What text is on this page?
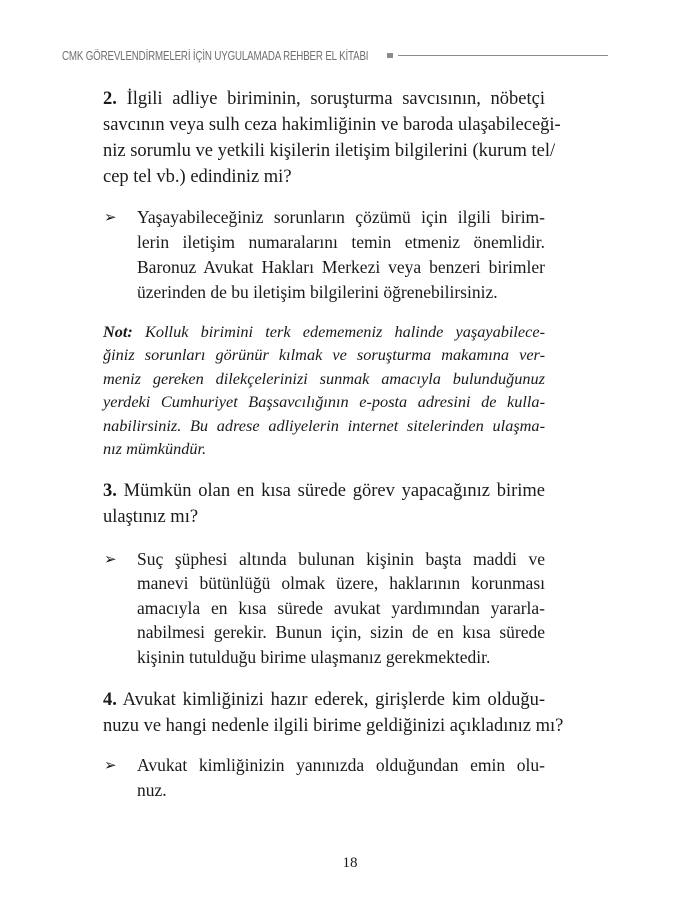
CMK GÖREVLENDİRMELERİ İÇİN UYGULAMADA REHBER EL KİTABI
2. İlgili adliye biriminin, soruşturma savcısının, nöbetçi
savcının veya sulh ceza hakimliğinin ve baroda ulaşabileceği-
niz sorumlu ve yetkili kişilerin iletişim bilgilerini (kurum tel/
cep tel vb.) edindiniz mi?
➢ Yaşayabileceğiniz sorunların çözümü için ilgili birim-
lerin iletişim numaralarını temin etmeniz önemlidir.
Baronuz Avukat Hakları Merkezi veya benzeri birimler
üzerinden de bu iletişim bilgilerini öğrenebilirsiniz.
Not: Kolluk birimini terk edememeniz halinde yaşayabilece-
ğiniz sorunları görünür kılmak ve soruşturma makamına ver-
meniz gereken dilekçelerinizi sunmak amacıyla bulunduğunuz
yerdeki Cumhuriyet Başsavcılığının e-posta adresini de kulla-
nabilirsiniz. Bu adrese adliyelerin internet sitelerinden ulaşma-
nız mümkündür.
3. Mümkün olan en kısa sürede görev yapacağınız birime
ulaştınız mı?
➢ Suç şüphesi altında bulunan kişinin başta maddi ve
manevi bütünlüğü olmak üzere, haklarının korunması
amacıyla en kısa sürede avukat yardımından yararla-
nabilmesi gerekir. Bunun için, sizin de en kısa sürede
kişinin tutulduğu birime ulaşmanız gerekmektedir.
4. Avukat kimliğinizi hazır ederek, girişlerde kim olduğu-
nuzu ve hangi nedenle ilgili birime geldiğinizi açıkladınız mı?
➢ Avukat kimliğinizin yanınızda olduğundan emin olu-
nuz.
18
